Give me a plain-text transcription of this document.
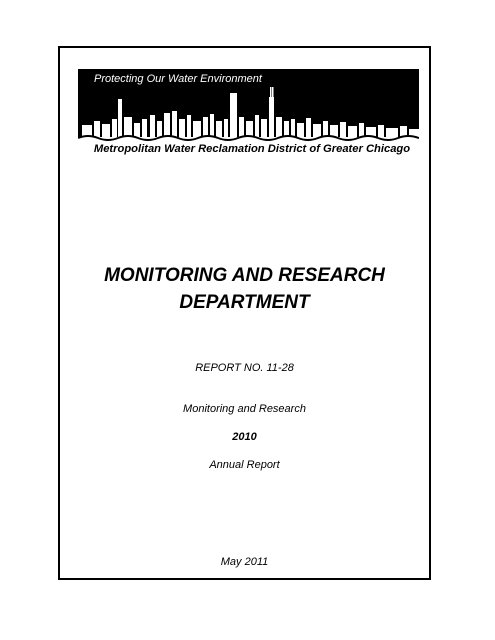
Protecting Our Water Environment
Metropolitan Water Reclamation District of Greater Chicago
MONITORING AND RESEARCH
DEPARTMENT
REPORT NO. 11-28
Monitoring and Research
2010
Annual Report
May 2011
